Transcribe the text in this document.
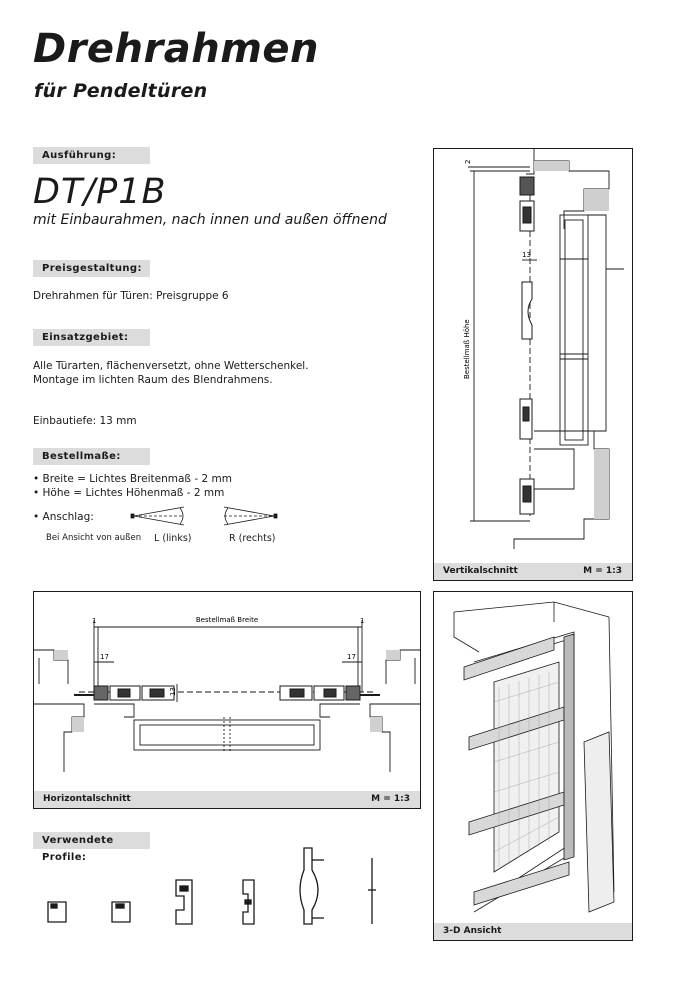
Drehrahmen
für Pendeltüren
Ausführung:
DT/P1B
mit Einbaurahmen, nach innen und außen öffnend
Preisgestaltung:
Drehrahmen für Türen: Preisgruppe 6
Einsatzgebiet:
Alle Türarten, flächenversetzt, ohne Wetterschenkel.
Montage im lichten Raum des Blendrahmens.
Einbautiefe: 13 mm
Bestellmaße:
• Breite = Lichtes Breitenmaß - 2 mm
• Höhe = Lichtes Höhenmaß - 2 mm
• Anschlag:
Bei Ansicht von außen L (links)	R (rechts)
2
13
Bestellmaß Höhe
Vertikalschnitt	M = 1:3
Bestellmaß Breite
1	1
17	17
13
Horizontalschnitt	M = 1:3
3-D Ansicht
Verwendete Profile:
